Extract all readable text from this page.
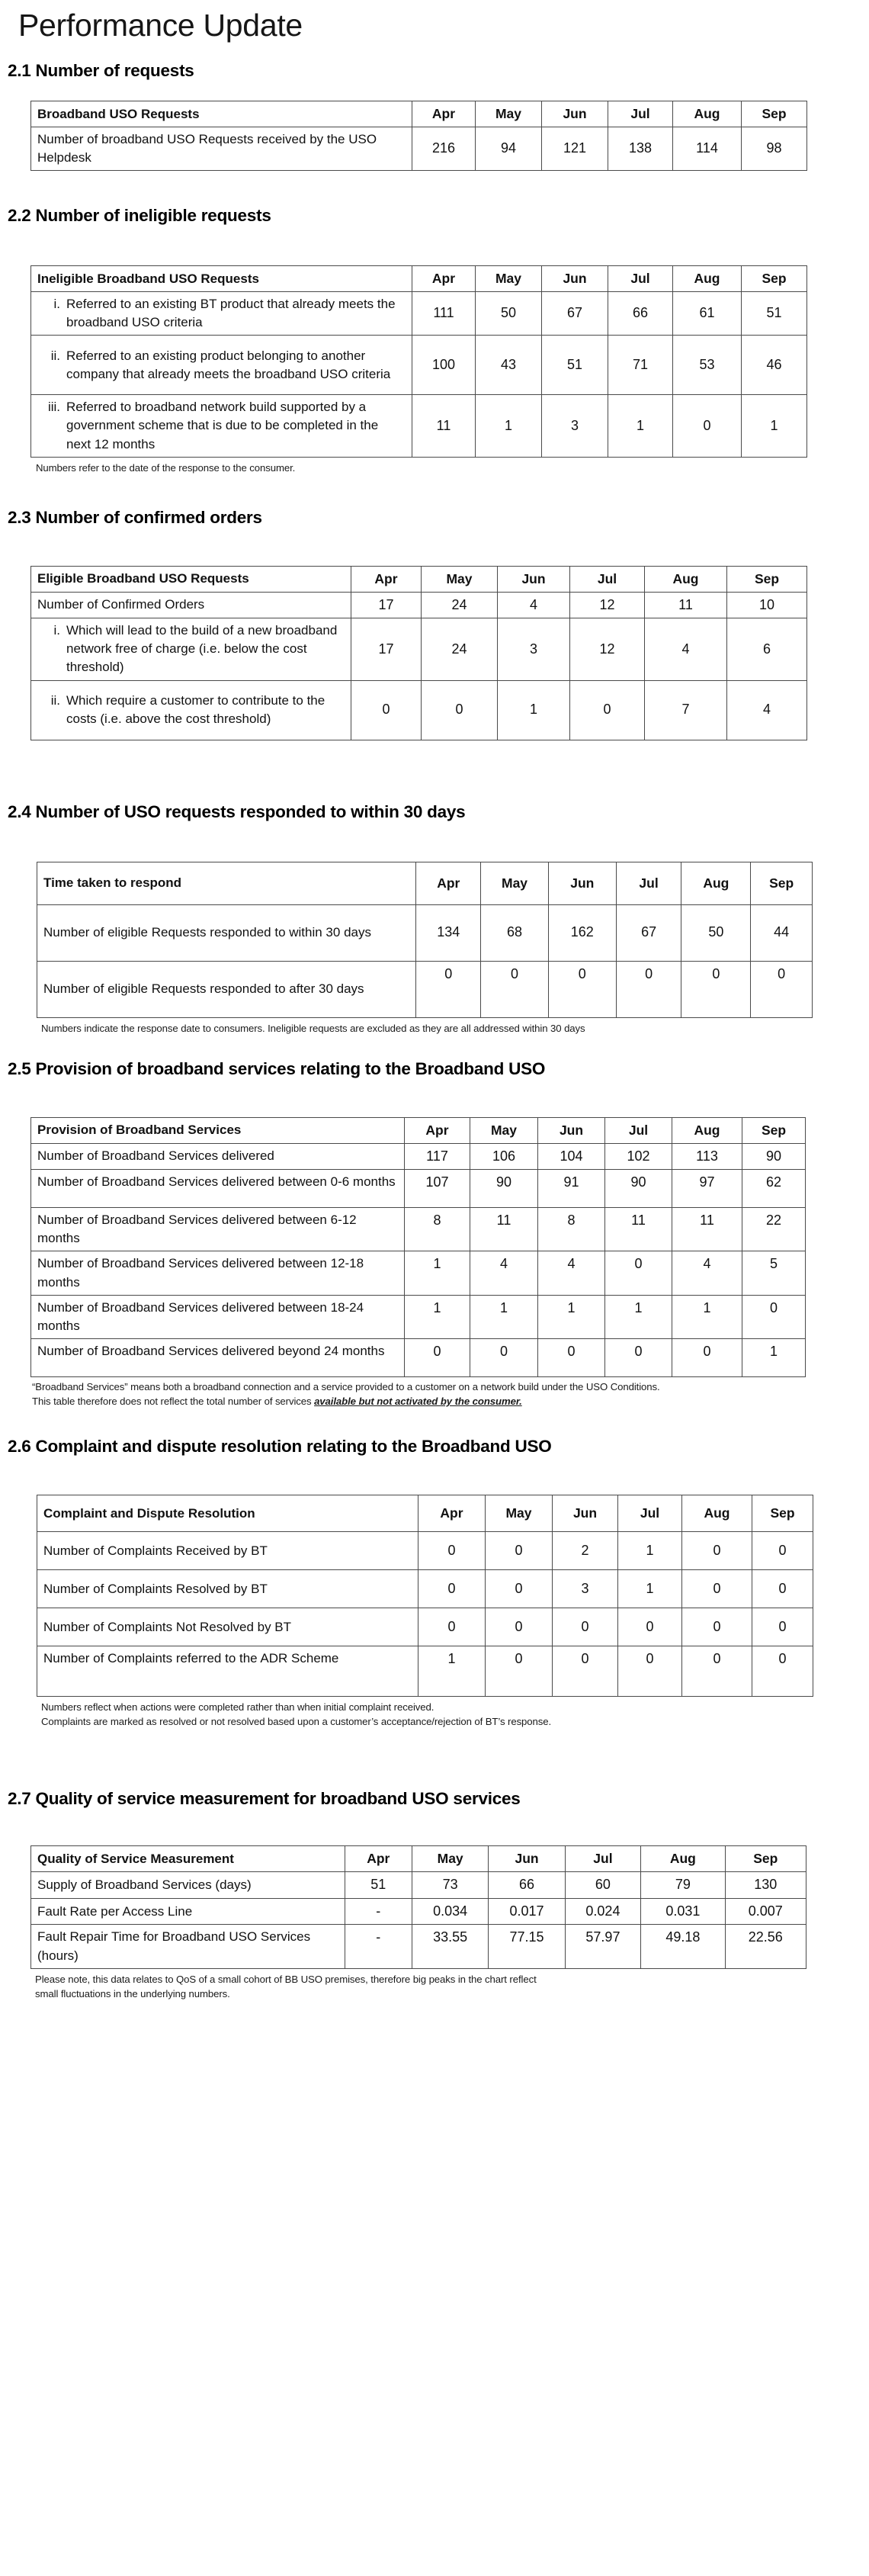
Performance Update
2.1 Number of requests
Broadband USO Requests	Apr	May	Jun	Jul	Aug	Sep
Number of broadband USO Requests received by the USO Helpdesk	216	94	121	138	114	98
2.2 Number of ineligible requests
Ineligible Broadband USO Requests	Apr	May	Jun	Jul	Aug	Sep

i.	Referred to an existing BT product that already meets the broadband USO criteria	111	50	67	66	61	51

ii.	Referred to an existing product belonging to another company that already meets the broadband USO criteria	100	43	51	71	53	46

iii.	Referred to broadband network build supported by a government scheme that is due to be completed in the next 12 months	11	1	3	1	0	1
Numbers refer to the date of the response to the consumer.
2.3 Number of confirmed orders
Eligible Broadband USO Requests	Apr	May	Jun	Jul	Aug	Sep
Number of Confirmed Orders	17	24	4	12	11	10

i.	Which will lead to the build of a new broadband network free of charge (i.e. below the cost threshold)	17	24	3	12	4	6

ii.	Which require a customer to contribute to the costs (i.e. above the cost threshold)	0	0	1	0	7	4
2.4 Number of USO requests responded to within 30 days
Time taken to respond	Apr	May	Jun	Jul	Aug	Sep
Number of eligible Requests responded to within 30 days	134	68	162	67	50	44
Number of eligible Requests responded to after 30 days	0	0	0	0	0	0
Numbers indicate the response date to consumers. Ineligible requests are excluded as they are all addressed within 30 days
2.5 Provision of broadband services relating to the Broadband USO
Provision of Broadband Services	Apr	May	Jun	Jul	Aug	Sep
Number of Broadband Services delivered	117	106	104	102	113	90
Number of Broadband Services delivered between 0-6 months	107	90	91	90	97	62
Number of Broadband Services delivered between 6-12 months	8	11	8	11	11	22
Number of Broadband Services delivered between 12-18 months	1	4	4	0	4	5
Number of Broadband Services delivered between 18-24 months	1	1	1	1	1	0
Number of Broadband Services delivered beyond 24 months	0	0	0	0	0	1
“Broadband Services” means both a broadband connection and a service provided to a customer on a network build under the USO Conditions.
This table therefore does not reflect the total number of services available but not activated by the consumer.
2.6 Complaint and dispute resolution relating to the Broadband USO
Complaint and Dispute Resolution	Apr	May	Jun	Jul	Aug	Sep
Number of Complaints Received by BT	0	0	2	1	0	0
Number of Complaints Resolved by BT	0	0	3	1	0	0
Number of Complaints Not Resolved by BT	0	0	0	0	0	0
Number of Complaints referred to the ADR Scheme	1	0	0	0	0	0
Numbers reflect when actions were completed rather than when initial complaint received.
Complaints are marked as resolved or not resolved based upon a customer’s acceptance/rejection of BT’s response.
2.7 Quality of service measurement for broadband USO services
Quality of Service Measurement	Apr	May	Jun	Jul	Aug	Sep
Supply of Broadband Services (days)	51	73	66	60	79	130
Fault Rate per Access Line	-	0.034	0.017	0.024	0.031	0.007
Fault Repair Time for Broadband USO Services (hours)	-	33.55	77.15	57.97	49.18	22.56
Please note, this data relates to QoS of a small cohort of BB USO premises, therefore big peaks in the chart reflect
small fluctuations in the underlying numbers.
